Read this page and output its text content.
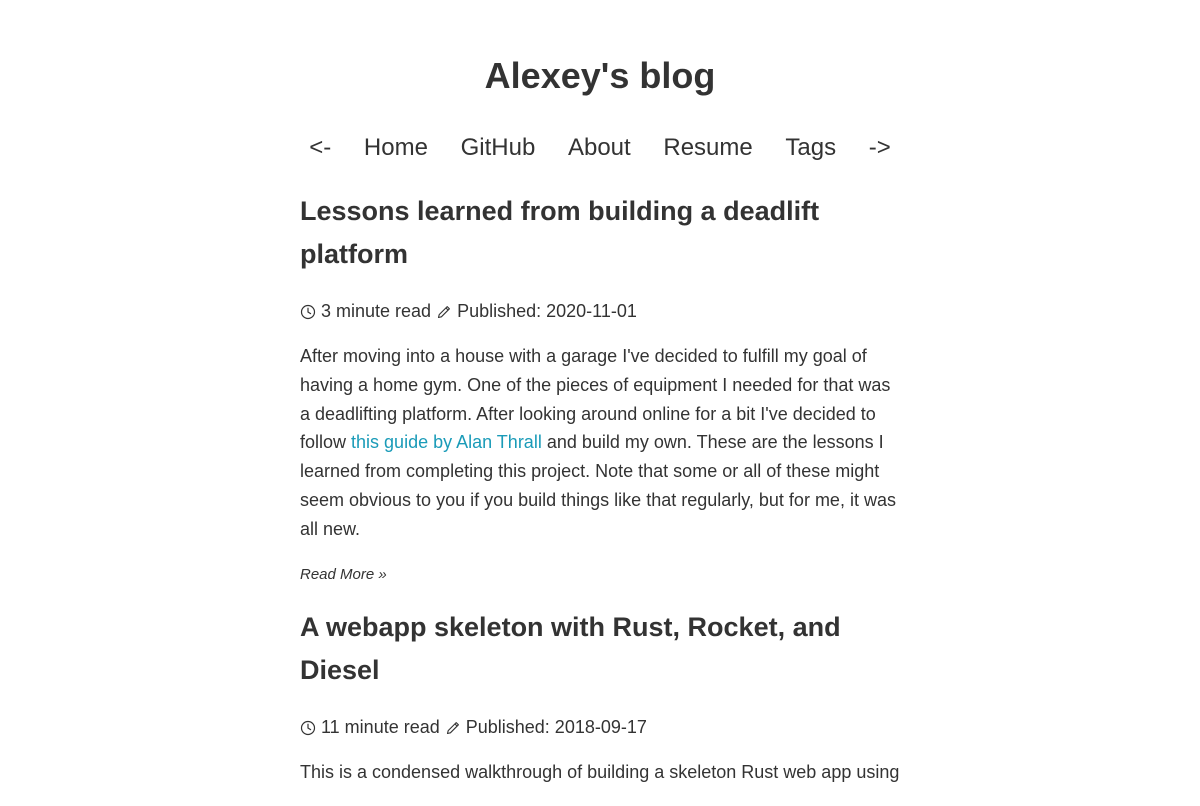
Alexey's blog
<- Home GitHub About Resume Tags ->
Lessons learned from building a deadlift platform
3 minute read Published: 2020-11-01

After moving into a house with a garage I've decided to fulfill my goal of having a home gym. One of the pieces of equipment I needed for that was a deadlifting platform. After looking around online for a bit I've decided to follow this guide by Alan Thrall and build my own. These are the lessons I learned from completing this project. Note that some or all of these might seem obvious to you if you build things like that regularly, but for me, it was all new.

Read More »
A webapp skeleton with Rust, Rocket, and Diesel
11 minute read Published: 2018-09-17

This is a condensed walkthrough of building a skeleton Rust web app using
